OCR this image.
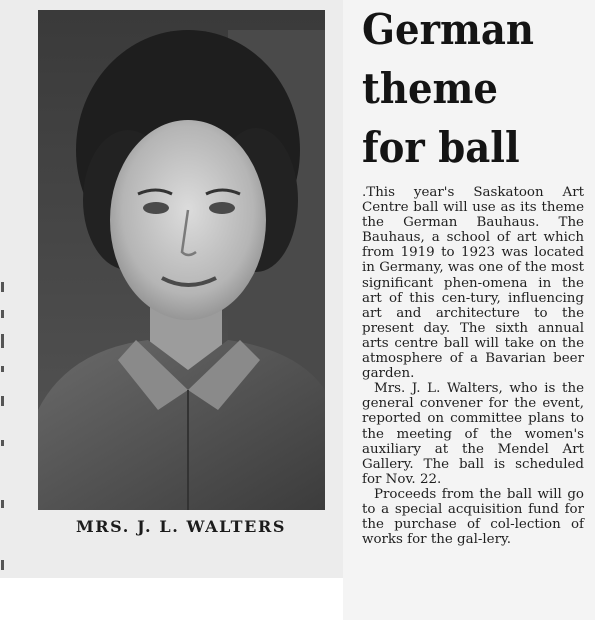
MRS. J. L. WALTERS
German
theme
for ball

.This year's Saskatoon Art Centre ball will use as its theme the German Bauhaus. The Bauhaus, a school of art which from 1919 to 1923 was located in Germany, was one of the most significant phen-omena in the art of this cen-tury, influencing art and architecture to the present day. The sixth annual arts centre ball will take on the atmosphere of a Bavarian beer garden.

Mrs. J. L. Walters, who is the general convener for the event, reported on committee plans to the meeting of the women's auxiliary at the Mendel Art Gallery. The ball is scheduled for Nov. 22.

Proceeds from the ball will go to a special acquisition fund for the purchase of col-lection of works for the gal-lery.
